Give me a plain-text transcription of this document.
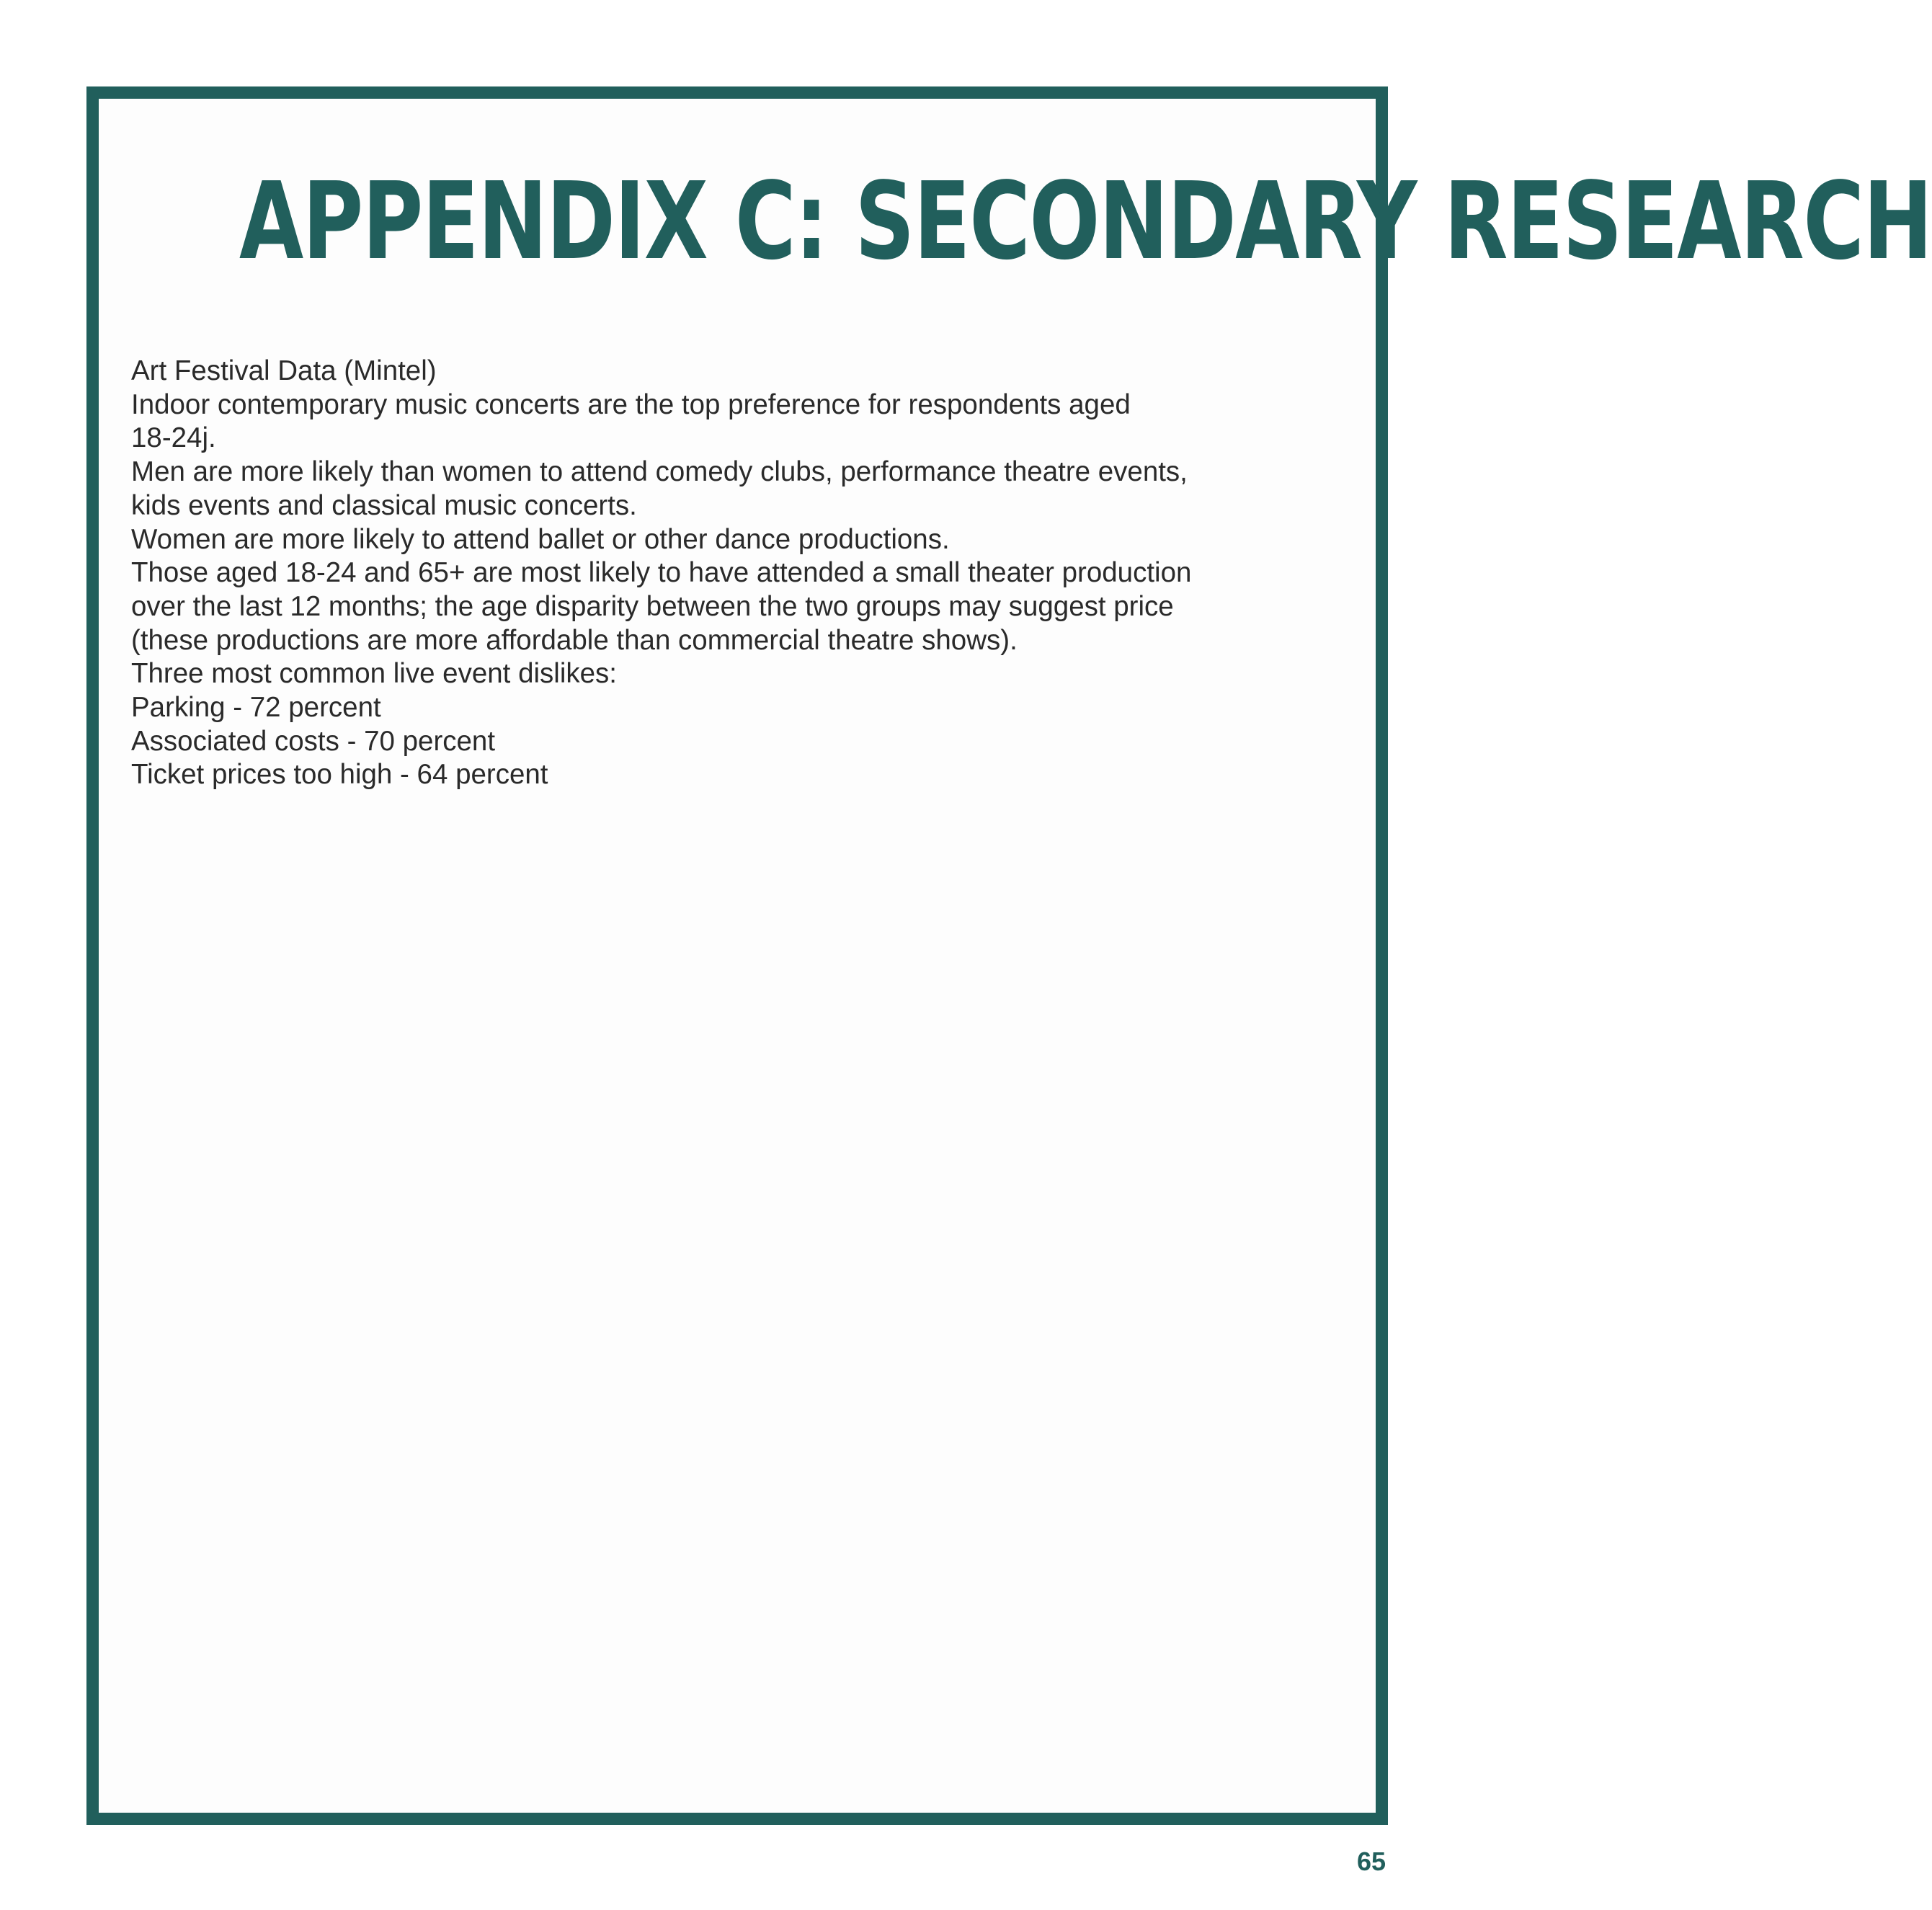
APPENDIX C: SECONDARY RESEARCH
Art Festival Data (Mintel)
Indoor contemporary music concerts are the top preference for respondents aged
18-24j.
Men are more likely than women to attend comedy clubs, performance theatre events,
kids events and classical music concerts.
Women are more likely to attend ballet or other dance productions.
Those aged 18-24 and 65+ are most likely to have attended a small theater production
over the last 12 months; the age disparity between the two groups may suggest price
(these productions are more affordable than commercial theatre shows).
Three most common live event dislikes:
Parking - 72 percent
Associated costs - 70 percent
Ticket prices too high - 64 percent
65
